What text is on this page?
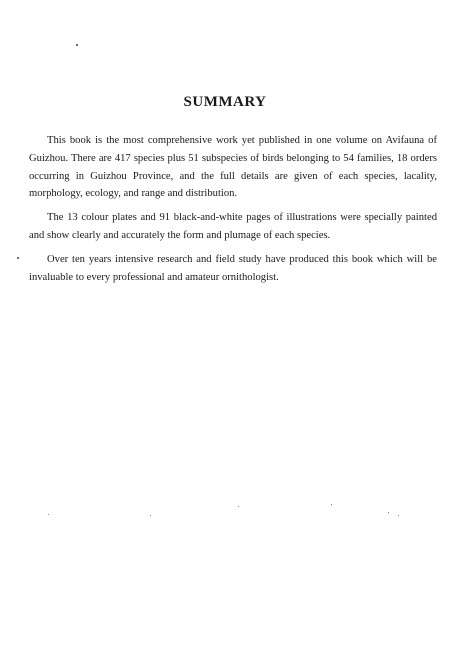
SUMMARY

This book is the most comprehensive work yet published in one volume on Avifauna of Guizhou. There are 417 species plus 51 subspecies of birds belonging to 54 families, 18 orders occurring in Guizhou Province, and the full details are given of each species, lacality, morphology, ecology, and range and distribution.

The 13 colour plates and 91 black-and-white pages of illustrations were specially painted and show clearly and accurately the form and plumage of each species.

Over ten years intensive research and field study have produced this book which will be invaluable to every professional and amateur ornithologist.
